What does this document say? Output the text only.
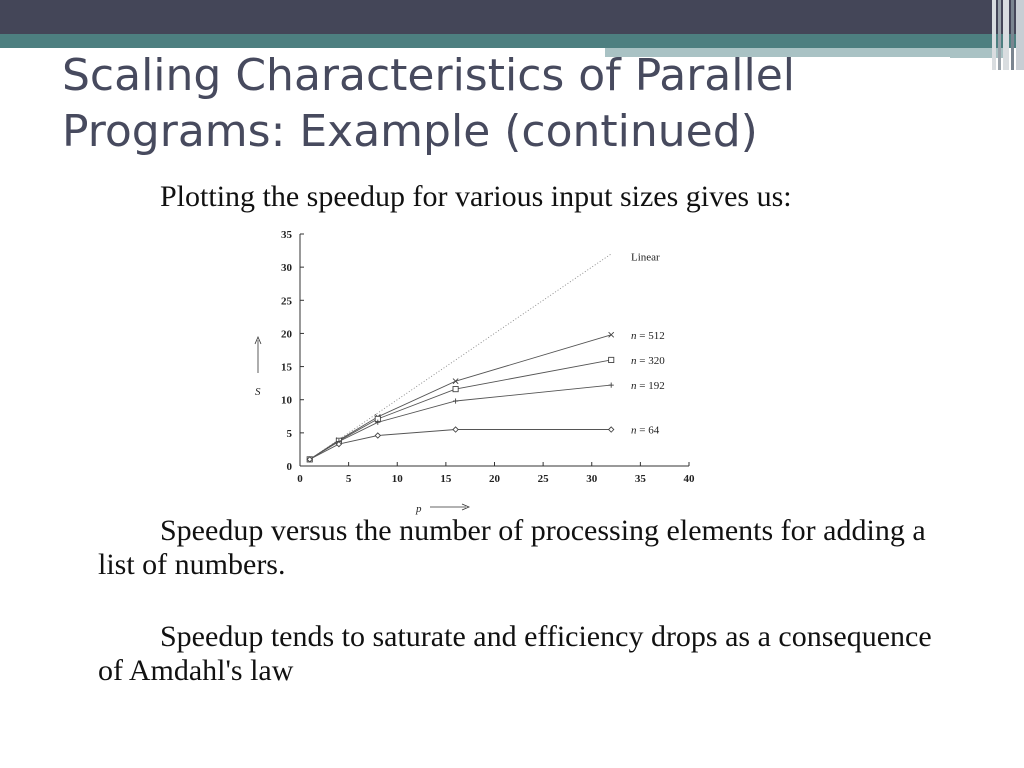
Scaling Characteristics of Parallel Programs: Example (continued)

Plotting the speedup for various input sizes gives us:

0	5	10	15	20	25	30	35	40
0
5
10
15
20
25
30
35
S
p
Linear
n = 512
n = 320
n = 192
n = 64

Speedup versus the number of processing elements for adding a list of numbers.

Speedup tends to saturate and efficiency drops as a consequence of Amdahl's law
